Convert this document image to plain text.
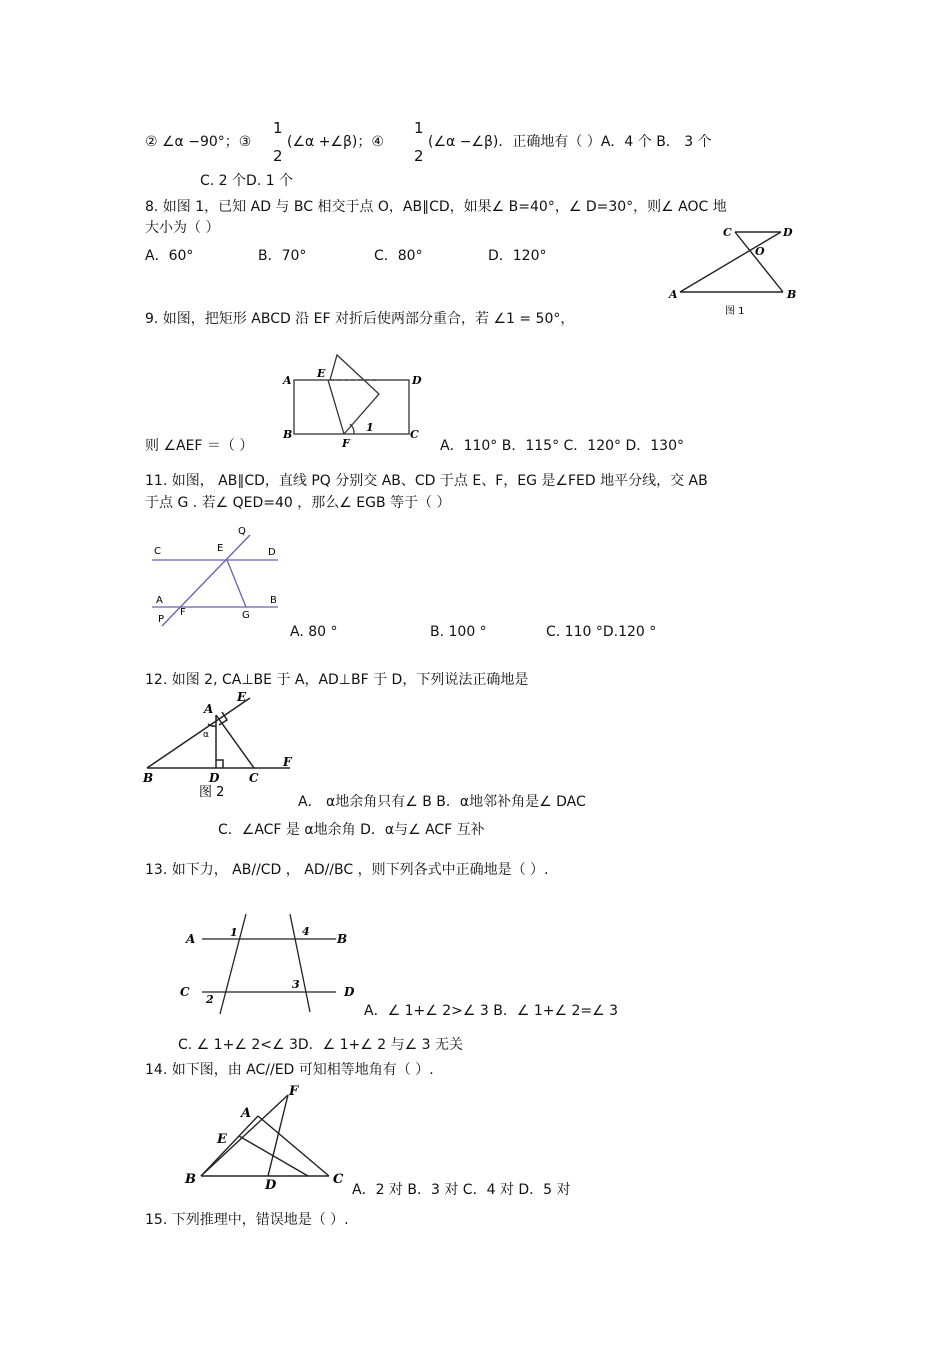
② ∠α −90°；③
1
2
(∠α +∠β)；④
1
2
(∠α −∠β)．正确地有（ ）A．4 个 B． 3 个
C. 2 个D. 1 个
8. 如图 1，已知 AD 与 BC 相交于点 O，AB∥CD，如果∠ B=40°，∠ D=30°，则∠ AOC 地
大小为（ ）
A．60°	B．70°	C．80°	D．120°
C	D
O
A	B
图 1
9. 如图，把矩形 ABCD 沿 EF 对折后使两部分重合，若 ∠1 = 50°，
A
E
D
B
F
1
C
则 ∠AEF ＝（ ）	A．110° B．115° C．120° D．130°
11. 如图， AB∥CD，直线 PQ 分别交 AB、CD 于点 E、F，EG 是∠FED 地平分线，交 AB
于点 G . 若∠ QED=40 ，那么∠ EGB 等于（ ）
Q
C	E	D
A	B
F
P	G
A. 80 °	B. 100 °	C. 110 °D.120 °
12. 如图 2, CA⊥BE 于 A，AD⊥BF 于 D，下列说法正确地是
A
E
α
B	D C
F
图 2
A． α地余角只有∠ B B．α地邻补角是∠ DAC
C．∠ACF 是 α地余角 D．α与∠ ACF 互补
13. 如下力， AB//CD ， AD//BC ，则下列各式中正确地是（ ）.
A	B
C	D
1	4
2
3
A．∠ 1+∠ 2>∠ 3 B．∠ 1+∠ 2=∠ 3
C. ∠ 1+∠ 2<∠ 3D．∠ 1+∠ 2 与∠ 3 无关
14. 如下图，由 AC//ED 可知相等地角有（ ）.
F
A
E
B	D	C
A．2 对 B．3 对 C．4 对 D．5 对
15. 下列推理中，错误地是（ ）.
